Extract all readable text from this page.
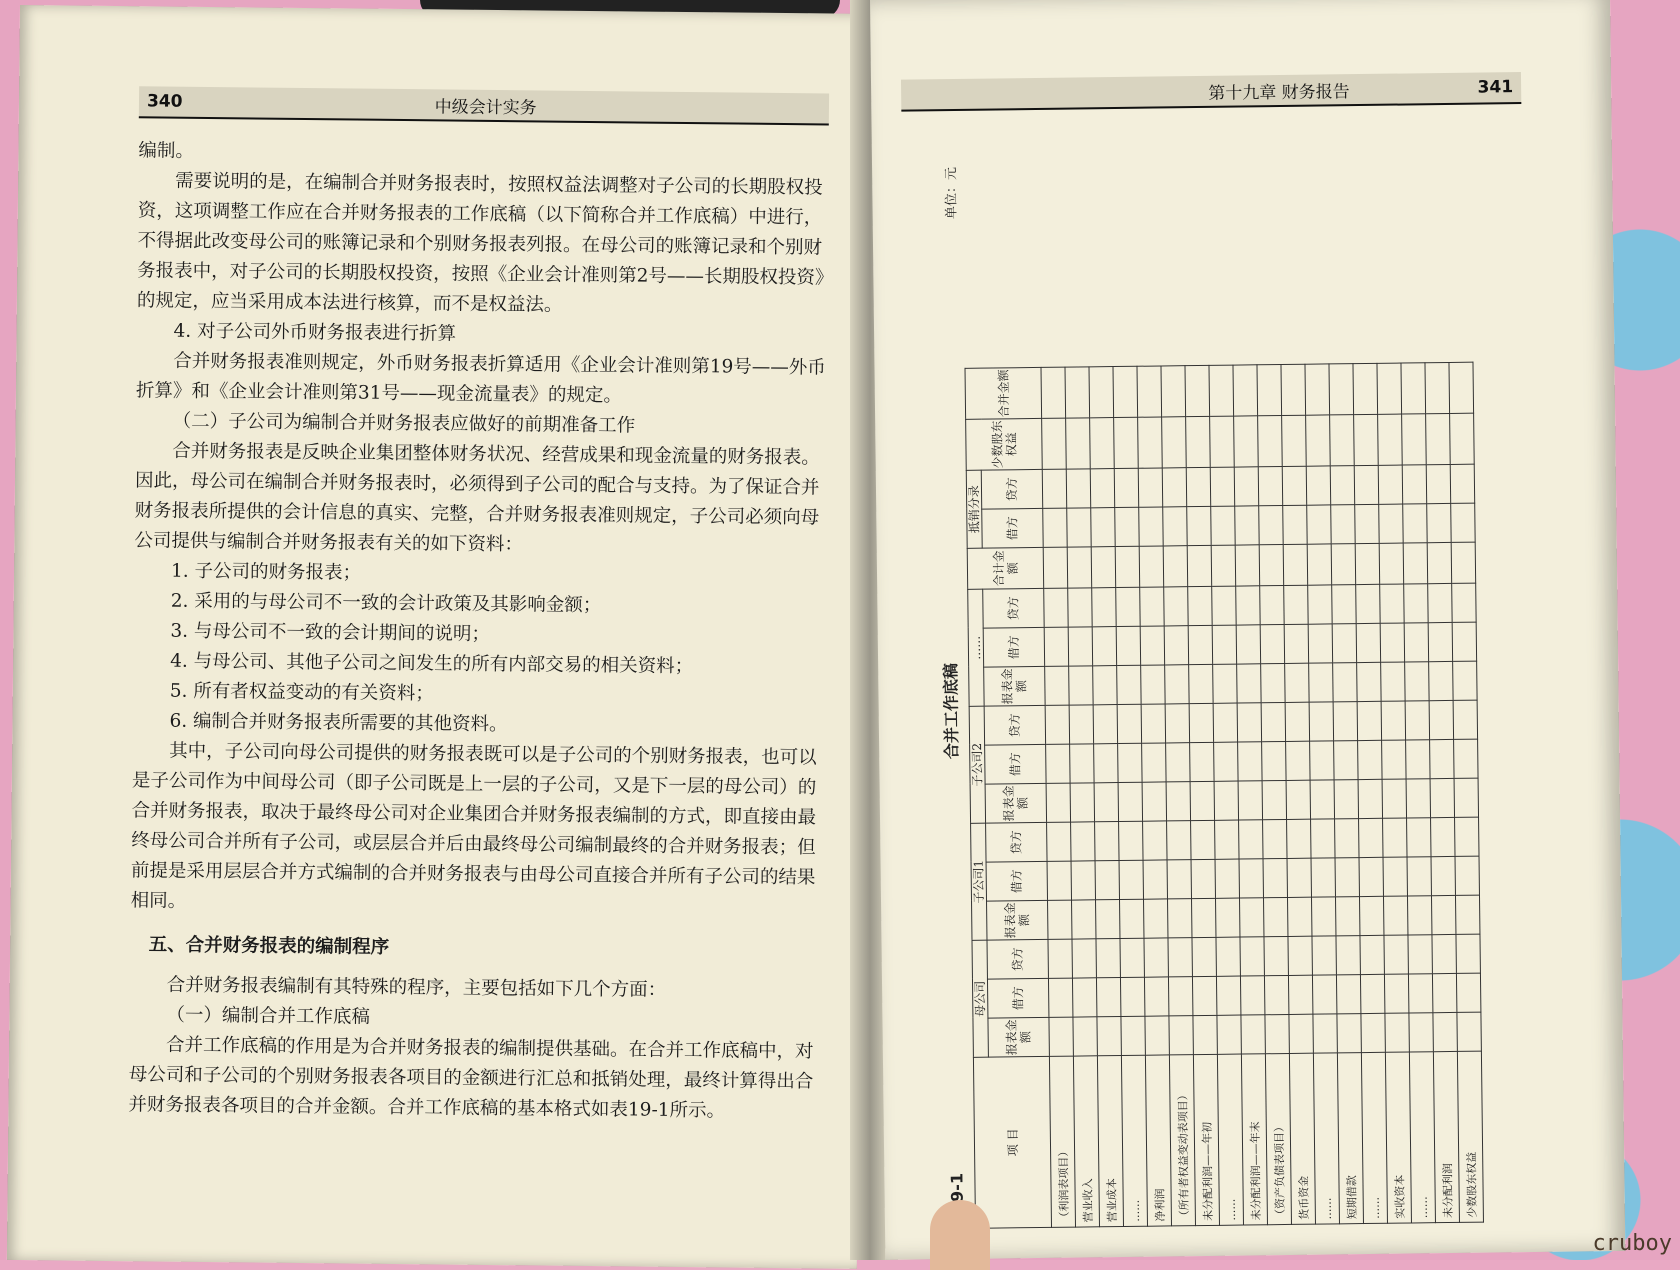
340	中级会计实务

编制。

需要说明的是，在编制合并财务报表时，按照权益法调整对子公司的长期股权投资，这项调整工作应在合并财务报表的工作底稿（以下简称合并工作底稿）中进行，不得据此改变母公司的账簿记录和个别财务报表列报。在母公司的账簿记录和个别财务报表中，对子公司的长期股权投资，按照《企业会计准则第2号——长期股权投资》的规定，应当采用成本法进行核算，而不是权益法。

4. 对子公司外币财务报表进行折算

合并财务报表准则规定，外币财务报表折算适用《企业会计准则第19号——外币折算》和《企业会计准则第31号——现金流量表》的规定。

（二）子公司为编制合并财务报表应做好的前期准备工作

合并财务报表是反映企业集团整体财务状况、经营成果和现金流量的财务报表。因此，母公司在编制合并财务报表时，必须得到子公司的配合与支持。为了保证合并财务报表所提供的会计信息的真实、完整，合并财务报表准则规定，子公司必须向母公司提供与编制合并财务报表有关的如下资料：

1. 子公司的财务报表；

2. 采用的与母公司不一致的会计政策及其影响金额；

3. 与母公司不一致的会计期间的说明；

4. 与母公司、其他子公司之间发生的所有内部交易的相关资料；

5. 所有者权益变动的有关资料；

6. 编制合并财务报表所需要的其他资料。

其中，子公司向母公司提供的财务报表既可以是子公司的个别财务报表，也可以是子公司作为中间母公司（即子公司既是上一层的子公司，又是下一层的母公司）的合并财务报表，取决于最终母公司对企业集团合并财务报表编制的方式，即直接由最终母公司合并所有子公司，或层层合并后由最终母公司编制最终的合并财务报表；但前提是采用层层合并方式编制的合并财务报表与由母公司直接合并所有子公司的结果相同。

五、合并财务报表的编制程序

合并财务报表编制有其特殊的程序，主要包括如下几个方面：

（一）编制合并工作底稿

合并工作底稿的作用是为合并财务报表的编制提供基础。在合并工作底稿中，对母公司和子公司的个别财务报表各项目的金额进行汇总和抵销处理，最终计算得出合并财务报表各项目的合并金额。合并工作底稿的基本格式如表19-1所示。

第十九章 财务报告	341
合并工作底稿
单位：元
项 目	母公司			子公司1			子公司2			……			合计金额	抵销分录		少数股东权益	合并金额
	报表金额	借方	贷方	报表金额	借方	贷方	报表金额	借方	贷方	报表金额	借方	贷方		借方	贷方		
（利润表项目）																	
营业收入																	
营业成本																	
……																	
净利润																	
（所有者权益变动表项目）																	
未分配利润——年初																	
……																	
未分配利润——年末																	
（资产负债表项目）																	
货币资金																	
……																	
短期借款																	
……																	
实收资本																	
……																	
未分配利润																	
少数股东权益																	
cruboy
